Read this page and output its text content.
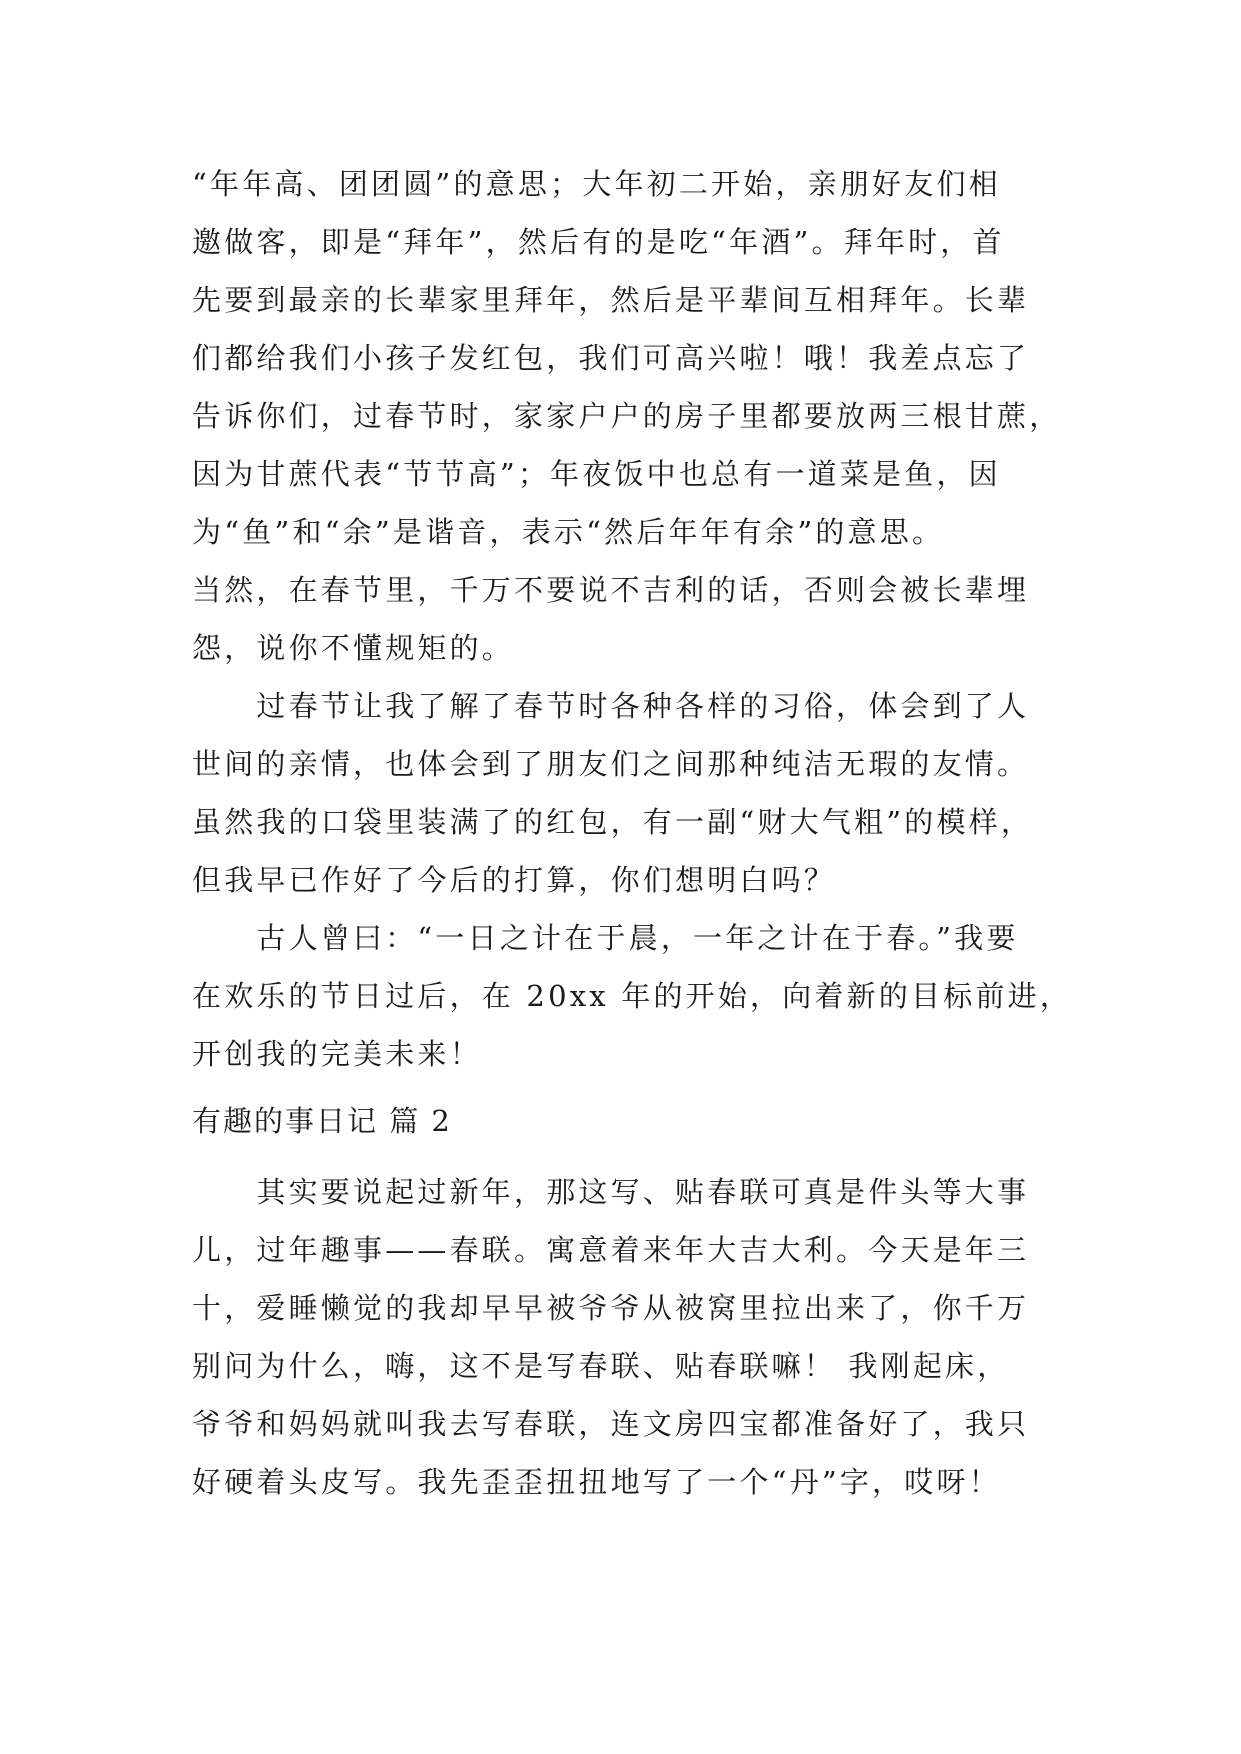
“年年高、团团圆”的意思；大年初二开始，亲朋好友们相
邀做客，即是“拜年”，然后有的是吃“年酒”。拜年时，首
先要到最亲的长辈家里拜年，然后是平辈间互相拜年。长辈
们都给我们小孩子发红包，我们可高兴啦！哦！我差点忘了
告诉你们，过春节时，家家户户的房子里都要放两三根甘蔗，
因为甘蔗代表“节节高”；年夜饭中也总有一道菜是鱼，因
为“鱼”和“余”是谐音，表示“然后年年有余”的意思。
当然，在春节里，千万不要说不吉利的话，否则会被长辈埋
怨，说你不懂规矩的。
　　过春节让我了解了春节时各种各样的习俗，体会到了人
世间的亲情，也体会到了朋友们之间那种纯洁无瑕的友情。
虽然我的口袋里装满了的红包，有一副“财大气粗”的模样，
但我早已作好了今后的打算，你们想明白吗？
　　古人曾曰：“一日之计在于晨，一年之计在于春。”我要
在欢乐的节日过后，在 20xx 年的开始，向着新的目标前进，
开创我的完美未来！
有趣的事日记 篇 2
　　其实要说起过新年，那这写、贴春联可真是件头等大事
儿，过年趣事——春联。寓意着来年大吉大利。今天是年三
十，爱睡懒觉的我却早早被爷爷从被窝里拉出来了，你千万
别问为什么，嗨，这不是写春联、贴春联嘛！ 我刚起床，
爷爷和妈妈就叫我去写春联，连文房四宝都准备好了，我只
好硬着头皮写。我先歪歪扭扭地写了一个“丹”字，哎呀！
